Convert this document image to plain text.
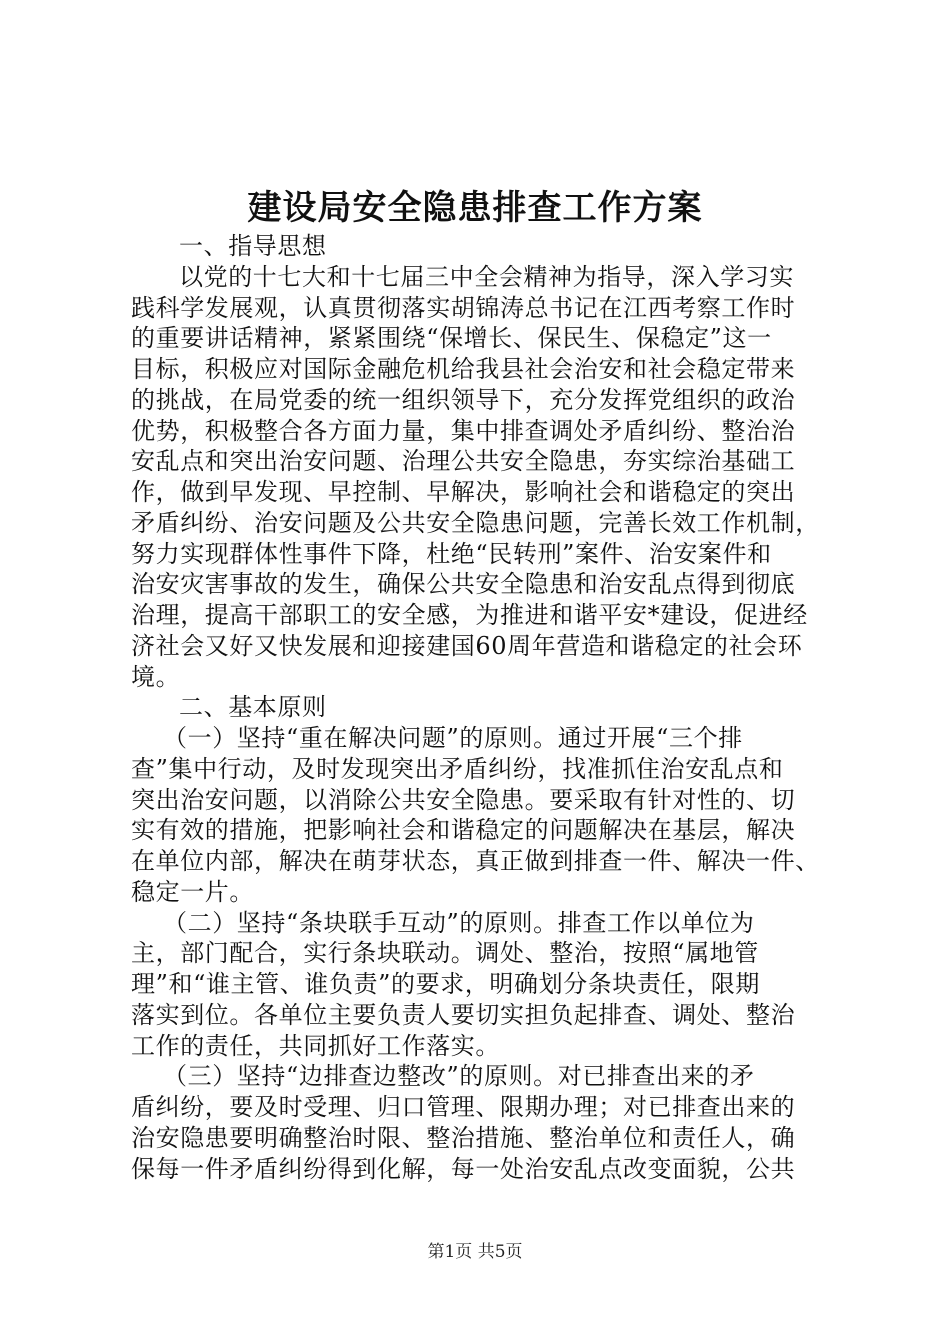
建设局安全隐患排查工作方案
一、指导思想
以党的十七大和十七届三中全会精神为指导，深入学习实
践科学发展观，认真贯彻落实胡锦涛总书记在江西考察工作时
的重要讲话精神，紧紧围绕“保增长、保民生、保稳定”这一
目标，积极应对国际金融危机给我县社会治安和社会稳定带来
的挑战，在局党委的统一组织领导下，充分发挥党组织的政治
优势，积极整合各方面力量，集中排查调处矛盾纠纷、整治治
安乱点和突出治安问题、治理公共安全隐患，夯实综治基础工
作，做到早发现、早控制、早解决，影响社会和谐稳定的突出
矛盾纠纷、治安问题及公共安全隐患问题，完善长效工作机制，
努力实现群体性事件下降，杜绝“民转刑”案件、治安案件和
治安灾害事故的发生，确保公共安全隐患和治安乱点得到彻底
治理，提高干部职工的安全感，为推进和谐平安*建设，促进经
济社会又好又快发展和迎接建国60周年营造和谐稳定的社会环
境。
二、基本原则
（一）坚持“重在解决问题”的原则。通过开展“三个排
查”集中行动，及时发现突出矛盾纠纷，找准抓住治安乱点和
突出治安问题，以消除公共安全隐患。要采取有针对性的、切
实有效的措施，把影响社会和谐稳定的问题解决在基层，解决
在单位内部，解决在萌芽状态，真正做到排查一件、解决一件、
稳定一片。
（二）坚持“条块联手互动”的原则。排查工作以单位为
主，部门配合，实行条块联动。调处、整治，按照“属地管
理”和“谁主管、谁负责”的要求，明确划分条块责任，限期
落实到位。各单位主要负责人要切实担负起排查、调处、整治
工作的责任，共同抓好工作落实。
（三）坚持“边排查边整改”的原则。对已排查出来的矛
盾纠纷，要及时受理、归口管理、限期办理；对已排查出来的
治安隐患要明确整治时限、整治措施、整治单位和责任人，确
保每一件矛盾纠纷得到化解，每一处治安乱点改变面貌，公共
第1页 共5页
